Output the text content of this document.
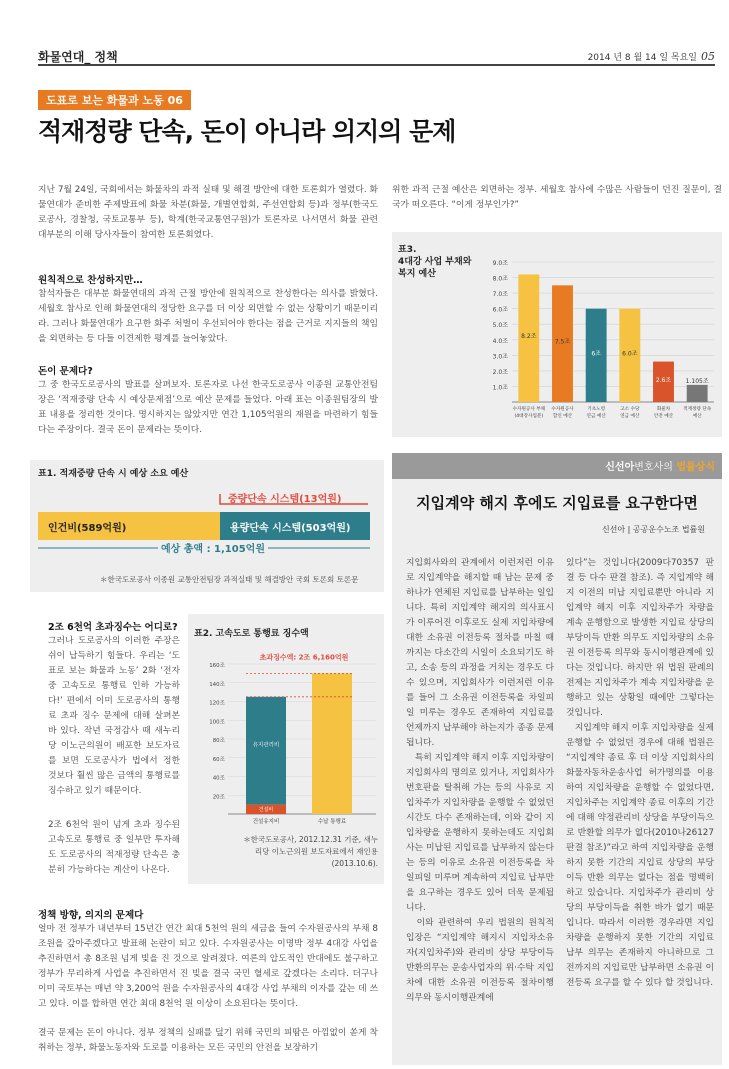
화물연대_ 정책	2014 년 8 월 14 일 목요일 05
도표로 보는 화물과 노동 06
적재정량 단속, 돈이 아니라 의지의 문제
지난 7월 24일, 국회에서는 화물차의 과적 실태 및 해결 방안에 대한 토론회가 열렸다. 화물연대가 준비한 주제발표에 화물 차분(화물, 개별연합회, 주선연합회 등)과 정부(한국도로공사, 경찰청, 국토교통부 등), 학계(한국교통연구원)가 토론자로 나서면서 화물 관련 대부분의 이해 당사자들이 참여한 토론회였다.
위한 과적 근절 예산은 외면하는 정부. 세월호 참사에 수많은 사람들이 던진 질문이, 결국가 떠오른다. “이게 정부인가?”
원칙적으로 찬성하지만…
참석자들은 대부분 화물연대의 과적 근절 방안에 원칙적으로 찬성한다는 의사를 밝혔다. 세월호 참사로 인해 화물연대의 정당한 요구를 더 이상 외면할 수 없는 상황이기 때문이리라. 그러나 화물연대가 요구한 화주 처벌이 우선되어야 한다는 점을 근거로 지지들의 책임을 외면하는 등 다들 이견제한 평계를 늘어놓았다.
돈이 문제다?
그 중 한국도로공사의 발표를 살펴보자. 토론자로 나선 한국도로공사 이종원 교통안전팀장은 ‘적재중량 단속 시 예상문제점’으로 예산 문제를 들었다. 아래 표는 이종원팀장의 발표 내용을 정리한 것이다. 명시하지는 않았지만 연간 1,105억원의 재원을 마련하기 힘들다는 주장이다. 결국 돈이 문제라는 뜻이다.
표1. 적재중량 단속 시 예상 소요 예산
중량단속 시스템(13억원)
인건비(589억원)	용량단속 시스템(503억원)
예상 총액 : 1,105억원
＊한국도로공사 이종원 교통안전팀장 과적실태 및 해결방안 국회 토론회 토론문
2조 6천억 초과징수는 어디로?
그러나 도로공사의 이러한 주장은 쉬이 납득하기 힘들다. 우리는 ‘도표로 보는 화물과 노동’ 2화 ‘전자중 고속도로 통행료 인하 가능하다!’ 편에서 이미 도로공사의 통행료 초과 징수 문제에 대해 살펴본 바 있다. 작년 국정감사 때 새누리당 이노근의원이 배포한 보도자료를 보면 도로공사가 법에서 정한 것보다 훨씬 많은 금액의 통행료를 징수하고 있기 때문이다.
2조 6천억 원이 넘게 초과 징수된 고속도로 통행료 중 일부만 투자해도 도로공사의 적재정량 단속은 충분히 가능하다는 계산이 나온다.
표2. 고속도로 통행료 징수액
160조
140조
120조
100조
80조
60조
40조
20조
유지관리비
건설비
초과징수액: 2조 6,160억원
건설유지비	수납 통행료
＊한국도로공사, 2012.12.31 기준, 새누리당 이노근의원 보도자료에서 재인용 (2013.10.6).
정책 방향, 의지의 문제다
얼마 전 정부가 내년부터 15년간 연간 최대 5천억 원의 세금을 들여 수자원공사의 부채 8조원을 갚아주겠다고 발표해 논란이 되고 있다. 수자원공사는 이명박 정부 4대강 사업을 추진하면서 총 8조원 넘게 빚을 진 것으로 알려졌다. 여론의 압도적인 반대에도 불구하고 정부가 무리하게 사업을 추진하면서 진 빚을 결국 국민 혈세로 갚겠다는 소리다. 더구나 이미 국토부는 매년 약 3,200억 원을 수자원공사의 4대강 사업 부채의 이자를 갚는 데 쓰고 있다. 이를 합하면 연간 최대 8천억 원 이상이 소요된다는 뜻이다.
결국 문제는 돈이 아니다. 정부 정책의 실패를 덮기 위해 국민의 피땀은 아낌없이 쏟게 착취하는 정부, 화물노동자와 도로를 이용하는 모든 국민의 안전을 보장하기
표3.
4대강 사업 부채와
복지 예산
9.0조
8.0조
7.0조
6.0조
5.0조
4.0조
3.0조
2.0조
1.0조
8.2조
수자원공사 부채
(4대강사업분)
7.5조
수자원공사
할인 예산
6조
기초노령
연금 예산
6.0조
고소 수당
연금 예산
2.6조
화물차
안전 예산
1.105조
적재정량 단속
예산
신선아변호사의 법률상식
지입계약 해지 후에도 지입료를 요구한다면
신선아 | 공공운수노조 법률원
지입회사와의 관계에서 이런저런 이유로 지입계약을 해지할 때 남는 문제 중 하나가 연체된 지입료를 납부하는 일입니다. 특히 지입계약 해지의 의사표시가 이루어진 이후로도 실제 지입차량에 대한 소유권 이전등록 절차를 마칠 때까지는 다소간의 시일이 소요되기도 하고, 소송 등의 과정을 거치는 경우도 다수 있으며, 지입회사가 이런저런 이유를 들어 그 소유권 이전등록을 차일피일 미루는 경우도 존재하여 지입료를 언제까지 납부해야 하는지가 종종 문제됩니다.
　특히 지입계약 해지 이후 지입차량이 지입회사의 명의로 있거나, 지입회사가 번호판을 탈취해 가는 등의 사유로 지입차주가 지입차량을 운행할 수 없었던 시간도 다수 존재하는데, 이와 같이 지입차량을 운행하지 못하는데도 지입회사는 미납된 지입료를 납부하지 않는다는 등의 이유로 소유권 이전등록을 차일피일 미루며 계속하여 지입료 납부만을 요구하는 경우도 있어 더욱 문제됩니다.
　이와 관련하여 우리 법원의 원칙적 입장은 “지입계약 해지시 지입차소유자(지입차주)와 관리비 상당 부당이득반환의무는 운송사업자의 위·수탁 지입차에 대한 소유권 이전등록 절차이행 의무와 동시이행관계에
있다”는 것입니다(2009다70357 판결 등 다수 판결 참조). 즉 지입계약 해지 이전의 미납 지입료뿐만 아니라 지입계약 해지 이후 지입차주가 차량을 계속 운행함으로 발생한 지입료 상당의 부당이득 반환 의무도 지입차량의 소유권 이전등록 의무와 동시이행관계에 있다는 것입니다. 하지만 위 법원 판례의 전제는 지입차주가 계속 지입차량을 운행하고 있는 상황일 때에만 그렇다는 것입니다.
　지입계약 해지 이후 지입차량을 실제 운행할 수 없었던 경우에 대해 법원은 “지입계약 종료 후 더 이상 지입회사의 화물자동차운송사업 허가명의를 이용하여 지입차량을 운행할 수 없었다면, 지입차주는 지입계약 종료 이후의 기간에 대해 약정관리비 상당을 부당이득으로 반환할 의무가 없다(2010나26127 판결 참조)”라고 하여 지입차량을 운행하지 못한 기간의 지입료 상당의 부당이득 반환 의무는 없다는 점을 명백히 하고 있습니다. 지입차주가 관리비 상당의 부당이득을 취한 바가 없기 때문입니다. 따라서 이러한 경우라면 지입차량을 운행하지 못한 기간의 지입료 납부 의무는 존재하지 아니하므로 그 전까지의 지입료만 납부하면 소유권 이전등록 요구를 할 수 있다 할 것입니다.
